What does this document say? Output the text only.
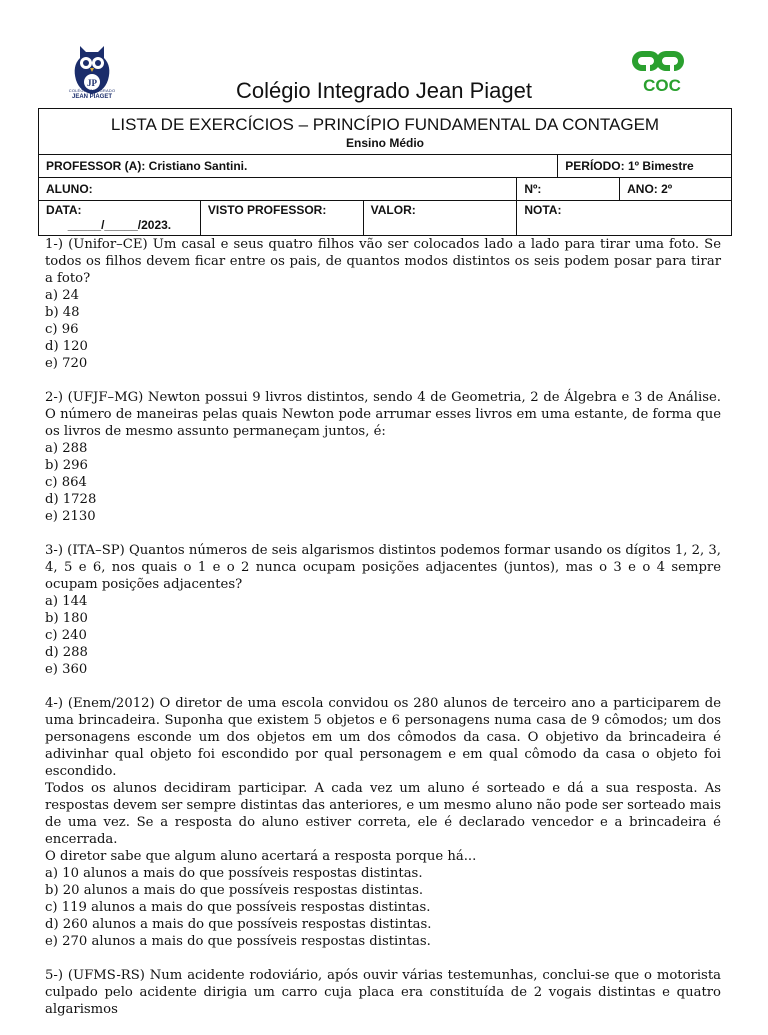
JP
COLÉGIO INTEGRADO
JEAN PIAGET
COC
Colégio Integrado Jean Piaget
LISTA DE EXERCÍCIOS – PRINCÍPIO FUNDAMENTAL DA CONTAGEM
Ensino Médio					

PROFESSOR (A): Cristiano Santini.				PERÍODO: 1º Bimestre	
ALUNO:			Nº:		ANO: 2º
DATA:
_____/_____/2023.	VISTO PROFESSOR:	VALOR:	NOTA:		

1-) (Unifor–CE) Um casal e seus quatro filhos vão ser colocados lado a lado para tirar uma foto. Se todos os filhos devem ficar entre os pais, de quantos modos distintos os seis podem posar para tirar a foto?

a) 24
b) 48
c) 96
d) 120
e) 720

2-) (UFJF–MG) Newton possui 9 livros distintos, sendo 4 de Geometria, 2 de Álgebra e 3 de Análise. O número de maneiras pelas quais Newton pode arrumar esses livros em uma estante, de forma que os livros de mesmo assunto permaneçam juntos, é:

a) 288
b) 296
c) 864
d) 1728
e) 2130

3-) (ITA–SP) Quantos números de seis algarismos distintos podemos formar usando os dígitos 1, 2, 3, 4, 5 e 6, nos quais o 1 e o 2 nunca ocupam posições adjacentes (juntos), mas o 3 e o 4 sempre ocupam posições adjacentes?

a) 144
b) 180
c) 240
d) 288
e) 360

4-) (Enem/2012) O diretor de uma escola convidou os 280 alunos de terceiro ano a participarem de uma brincadeira. Suponha que existem 5 objetos e 6 personagens numa casa de 9 cômodos; um dos personagens esconde um dos objetos em um dos cômodos da casa. O objetivo da brincadeira é adivinhar qual objeto foi escondido por qual personagem e em qual cômodo da casa o objeto foi escondido.

Todos os alunos decidiram participar. A cada vez um aluno é sorteado e dá a sua resposta. As respostas devem ser sempre distintas das anteriores, e um mesmo aluno não pode ser sorteado mais de uma vez. Se a resposta do aluno estiver correta, ele é declarado vencedor e a brincadeira é encerrada.

O diretor sabe que algum aluno acertará a resposta porque há...

a) 10 alunos a mais do que possíveis respostas distintas.
b) 20 alunos a mais do que possíveis respostas distintas.
c) 119 alunos a mais do que possíveis respostas distintas.
d) 260 alunos a mais do que possíveis respostas distintas.
e) 270 alunos a mais do que possíveis respostas distintas.

5-) (UFMS-RS) Num acidente rodoviário, após ouvir várias testemunhas, conclui-se que o motorista culpado pelo acidente dirigia um carro cuja placa era constituída de 2 vogais distintas e quatro algarismos
